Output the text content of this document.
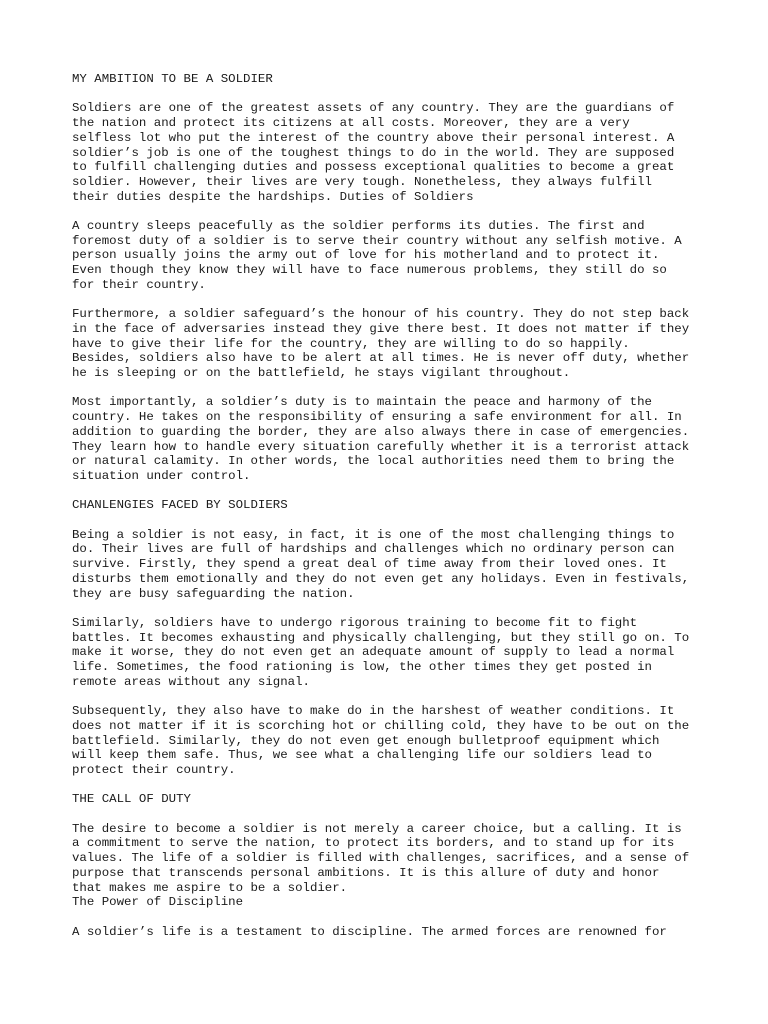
MY AMBITION TO BE A SOLDIER

Soldiers are one of the greatest assets of any country. They are the guardians of
the nation and protect its citizens at all costs. Moreover, they are a very
selfless lot who put the interest of the country above their personal interest. A
soldier’s job is one of the toughest things to do in the world. They are supposed
to fulfill challenging duties and possess exceptional qualities to become a great
soldier. However, their lives are very tough. Nonetheless, they always fulfill
their duties despite the hardships. Duties of Soldiers

A country sleeps peacefully as the soldier performs its duties. The first and
foremost duty of a soldier is to serve their country without any selfish motive. A
person usually joins the army out of love for his motherland and to protect it.
Even though they know they will have to face numerous problems, they still do so
for their country.

Furthermore, a soldier safeguard’s the honour of his country. They do not step back
in the face of adversaries instead they give there best. It does not matter if they
have to give their life for the country, they are willing to do so happily.
Besides, soldiers also have to be alert at all times. He is never off duty, whether
he is sleeping or on the battlefield, he stays vigilant throughout.

Most importantly, a soldier’s duty is to maintain the peace and harmony of the
country. He takes on the responsibility of ensuring a safe environment for all. In
addition to guarding the border, they are also always there in case of emergencies.
They learn how to handle every situation carefully whether it is a terrorist attack
or natural calamity. In other words, the local authorities need them to bring the
situation under control.

CHANLENGIES FACED BY SOLDIERS

Being a soldier is not easy, in fact, it is one of the most challenging things to
do. Their lives are full of hardships and challenges which no ordinary person can
survive. Firstly, they spend a great deal of time away from their loved ones. It
disturbs them emotionally and they do not even get any holidays. Even in festivals,
they are busy safeguarding the nation.

Similarly, soldiers have to undergo rigorous training to become fit to fight
battles. It becomes exhausting and physically challenging, but they still go on. To
make it worse, they do not even get an adequate amount of supply to lead a normal
life. Sometimes, the food rationing is low, the other times they get posted in
remote areas without any signal.

Subsequently, they also have to make do in the harshest of weather conditions. It
does not matter if it is scorching hot or chilling cold, they have to be out on the
battlefield. Similarly, they do not even get enough bulletproof equipment which
will keep them safe. Thus, we see what a challenging life our soldiers lead to
protect their country.

THE CALL OF DUTY

The desire to become a soldier is not merely a career choice, but a calling. It is
a commitment to serve the nation, to protect its borders, and to stand up for its
values. The life of a soldier is filled with challenges, sacrifices, and a sense of
purpose that transcends personal ambitions. It is this allure of duty and honor
that makes me aspire to be a soldier.
The Power of Discipline

A soldier’s life is a testament to discipline. The armed forces are renowned for
